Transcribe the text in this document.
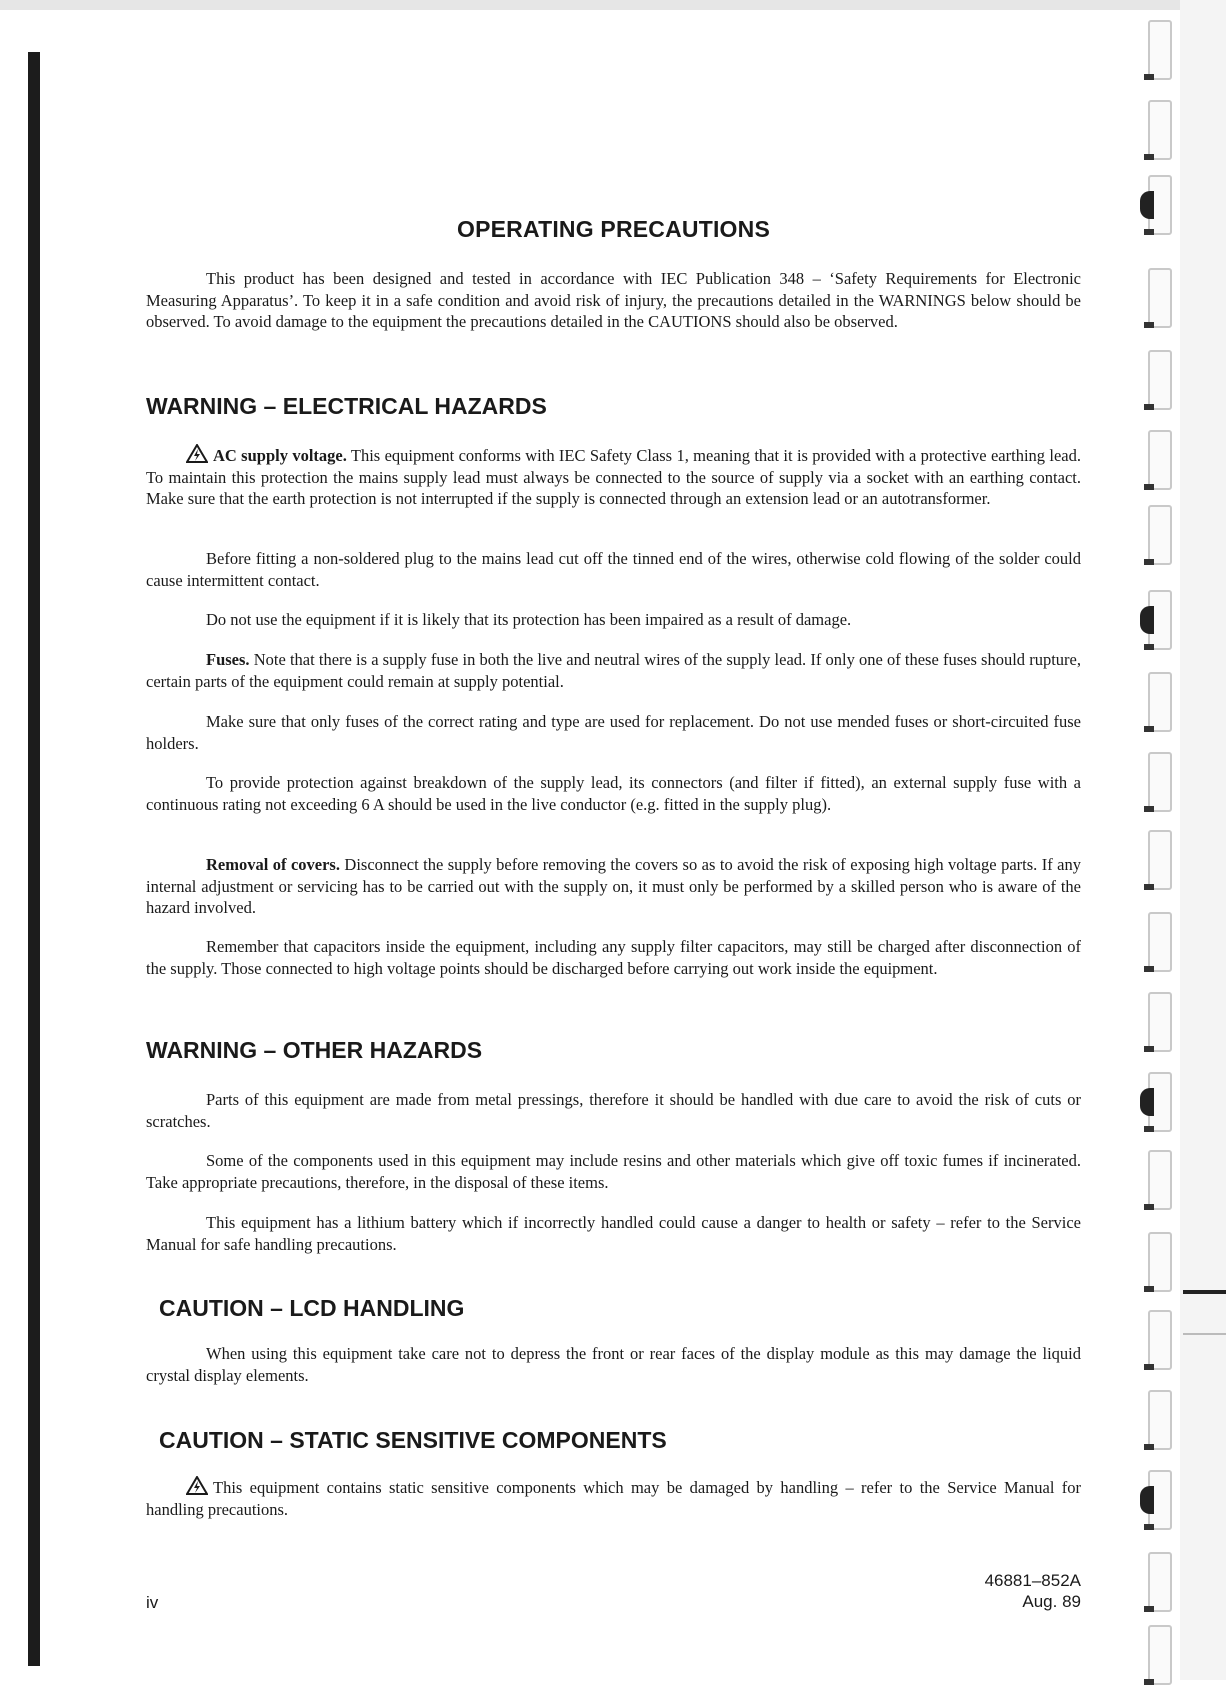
OPERATING PRECAUTIONS

This product has been designed and tested in accordance with IEC Publication 348 – ‘Safety Requirements for Electronic Measuring Apparatus’. To keep it in a safe condition and avoid risk of injury, the precautions detailed in the WARNINGS below should be observed. To avoid damage to the equipment the precautions detailed in the CAUTIONS should also be observed.

WARNING – ELECTRICAL HAZARDS

AC supply voltage. This equipment conforms with IEC Safety Class 1, meaning that it is provided with a protective earthing lead. To maintain this protection the mains supply lead must always be connected to the source of supply via a socket with an earthing contact. Make sure that the earth protection is not interrupted if the supply is connected through an extension lead or an autotransformer.

Before fitting a non-soldered plug to the mains lead cut off the tinned end of the wires, otherwise cold flowing of the solder could cause intermittent contact.

Do not use the equipment if it is likely that its protection has been impaired as a result of damage.

Fuses. Note that there is a supply fuse in both the live and neutral wires of the supply lead. If only one of these fuses should rupture, certain parts of the equipment could remain at supply potential.

Make sure that only fuses of the correct rating and type are used for replacement. Do not use mended fuses or short-circuited fuse holders.

To provide protection against breakdown of the supply lead, its connectors (and filter if fitted), an external supply fuse with a continuous rating not exceeding 6 A should be used in the live conductor (e.g. fitted in the supply plug).

Removal of covers. Disconnect the supply before removing the covers so as to avoid the risk of exposing high voltage parts. If any internal adjustment or servicing has to be carried out with the supply on, it must only be performed by a skilled person who is aware of the hazard involved.

Remember that capacitors inside the equipment, including any supply filter capacitors, may still be charged after disconnection of the supply. Those connected to high voltage points should be discharged before carrying out work inside the equipment.

WARNING – OTHER HAZARDS

Parts of this equipment are made from metal pressings, therefore it should be handled with due care to avoid the risk of cuts or scratches.

Some of the components used in this equipment may include resins and other materials which give off toxic fumes if incinerated. Take appropriate precautions, therefore, in the disposal of these items.

This equipment has a lithium battery which if incorrectly handled could cause a danger to health or safety – refer to the Service Manual for safe handling precautions.

CAUTION – LCD HANDLING

When using this equipment take care not to depress the front or rear faces of the display module as this may damage the liquid crystal display elements.

CAUTION – STATIC SENSITIVE COMPONENTS

This equipment contains static sensitive components which may be damaged by handling – refer to the Service Manual for handling precautions.

iv
46881–852A
Aug. 89
